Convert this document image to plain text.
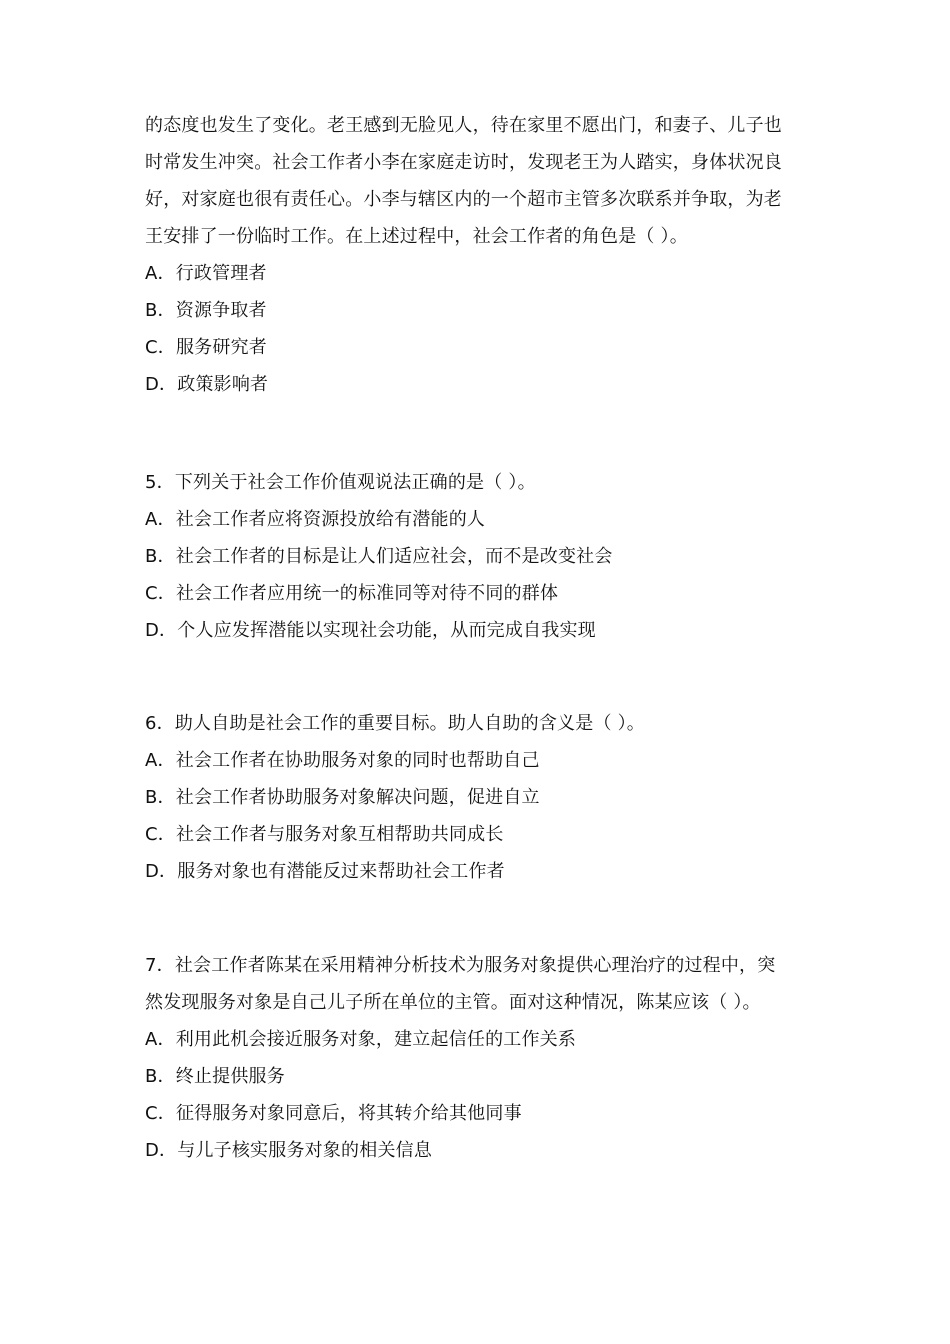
的态度也发生了变化。老王感到无脸见人，待在家里不愿出门，和妻子、儿子也
时常发生冲突。社会工作者小李在家庭走访时，发现老王为人踏实，身体状况良
好，对家庭也很有责任心。小李与辖区内的一个超市主管多次联系并争取，为老
王安排了一份临时工作。在上述过程中，社会工作者的角色是（ ）。
A．行政管理者
B．资源争取者
C．服务研究者
D．政策影响者
5．下列关于社会工作价值观说法正确的是（ ）。
A．社会工作者应将资源投放给有潜能的人
B．社会工作者的目标是让人们适应社会，而不是改变社会
C．社会工作者应用统一的标准同等对待不同的群体
D．个人应发挥潜能以实现社会功能，从而完成自我实现
6．助人自助是社会工作的重要目标。助人自助的含义是（ ）。
A．社会工作者在协助服务对象的同时也帮助自己
B．社会工作者协助服务对象解决问题，促进自立
C．社会工作者与服务对象互相帮助共同成长
D．服务对象也有潜能反过来帮助社会工作者
7．社会工作者陈某在采用精神分析技术为服务对象提供心理治疗的过程中，突
然发现服务对象是自己儿子所在单位的主管。面对这种情况，陈某应该（ ）。
A．利用此机会接近服务对象，建立起信任的工作关系
B．终止提供服务
C．征得服务对象同意后，将其转介给其他同事
D．与儿子核实服务对象的相关信息
